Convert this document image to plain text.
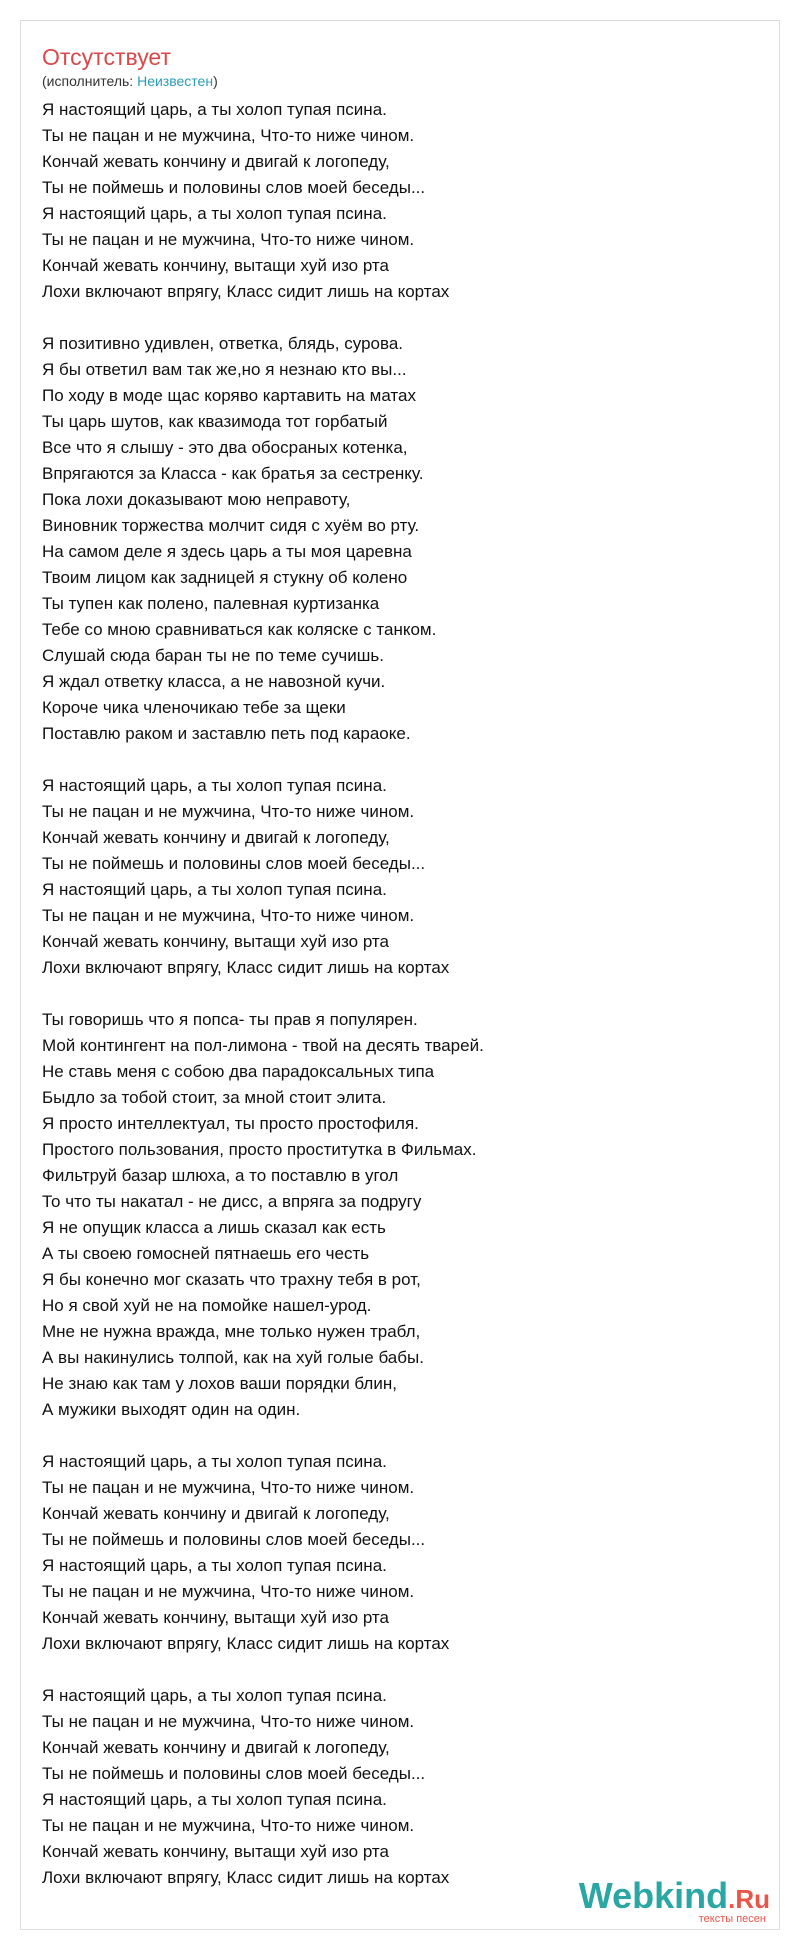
Отсутствует
(исполнитель: Неизвестен)
Я настоящий царь, а ты холоп тупая псина.
Ты не пацан и не мужчина, Что-то ниже чином.
Кончай жевать кончину и двигай к логопеду,
Ты не поймешь и половины слов моей беседы...
Я настоящий царь, а ты холоп тупая псина.
Ты не пацан и не мужчина, Что-то ниже чином.
Кончай жевать кончину, вытащи хуй изо рта
Лохи включают впрягу, Класс сидит лишь на кортах
Я позитивно удивлен, ответка, блядь, сурова.
Я бы ответил вам так же,но я незнаю кто вы...
По ходу в моде щас коряво картавить на матах
Ты царь шутов, как квазимода тот горбатый
Все что я слышу - это два обосраных котенка,
Впрягаются за Класса - как братья за сестренку.
Пока лохи доказывают мою неправоту,
Виновник торжества молчит сидя с хуём во рту.
На самом деле я здесь царь а ты моя царевна
Твоим лицом как задницей я стукну об колено
Ты тупен как полено, палевная куртизанка
Тебе со мною сравниваться как коляске с танком.
Слушай сюда баран ты не по теме сучишь.
Я ждал ответку класса, а не навозной кучи.
Короче чика членочикаю тебе за щеки
Поставлю раком и заставлю петь под караоке.
Я настоящий царь, а ты холоп тупая псина.
Ты не пацан и не мужчина, Что-то ниже чином.
Кончай жевать кончину и двигай к логопеду,
Ты не поймешь и половины слов моей беседы...
Я настоящий царь, а ты холоп тупая псина.
Ты не пацан и не мужчина, Что-то ниже чином.
Кончай жевать кончину, вытащи хуй изо рта
Лохи включают впрягу, Класс сидит лишь на кортах
Ты говоришь что я попса- ты прав я популярен.
Мой контингент на пол-лимона - твой на десять тварей.
Не ставь меня с собою два парадоксальных типа
Быдло за тобой стоит, за мной стоит элита.
Я просто интеллектуал, ты просто простофиля.
Простого пользования, просто проститутка в Фильмах.
Фильтруй базар шлюха, а то поставлю в угол
То что ты накатал - не дисс, а впряга за подругу
Я не опущик класса а лишь сказал как есть
А ты своею гомосней пятнаешь его честь
Я бы конечно мог сказать что трахну тебя в рот,
Но я свой хуй не на помойке нашел-урод.
Мне не нужна вражда, мне только нужен трабл,
А вы накинулись толпой, как на хуй голые бабы.
Не знаю как там у лохов ваши порядки блин,
А мужики выходят один на один.
Я настоящий царь, а ты холоп тупая псина.
Ты не пацан и не мужчина, Что-то ниже чином.
Кончай жевать кончину и двигай к логопеду,
Ты не поймешь и половины слов моей беседы...
Я настоящий царь, а ты холоп тупая псина.
Ты не пацан и не мужчина, Что-то ниже чином.
Кончай жевать кончину, вытащи хуй изо рта
Лохи включают впрягу, Класс сидит лишь на кортах
Я настоящий царь, а ты холоп тупая псина.
Ты не пацан и не мужчина, Что-то ниже чином.
Кончай жевать кончину и двигай к логопеду,
Ты не поймешь и половины слов моей беседы...
Я настоящий царь, а ты холоп тупая псина.
Ты не пацан и не мужчина, Что-то ниже чином.
Кончай жевать кончину, вытащи хуй изо рта
Лохи включают впрягу, Класс сидит лишь на кортах	Webkind.Ru
тексты песен
